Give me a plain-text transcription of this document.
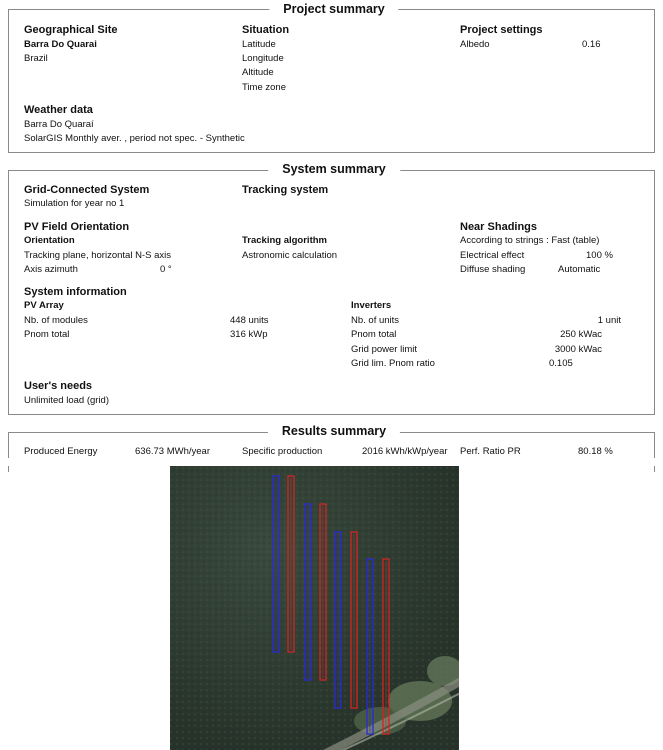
Project summary
Geographical Site
Barra Do Quarai
Brazil
Situation
Latitude
Longitude
Altitude
Time zone
Project settings
Albedo	0.16
Weather data
Barra Do Quaraí
SolarGIS Monthly aver. , period not spec. - Synthetic
System summary
Grid-Connected System
Simulation for year no 1
Tracking system
PV Field Orientation
Orientation
Tracking plane, horizontal N-S axis
Axis azimuth	0 °
Tracking algorithm
Astronomic calculation
Near Shadings
According to strings : Fast (table)
Electrical effect	100 %
Diffuse shading	Automatic
System information
PV Array
Nb. of modules	448 units
Pnom total	316 kWp
Inverters
Nb. of units	1 unit
Pnom total	250 kWac
Grid power limit	3000 kWac
Grid lim. Pnom ratio	0.105
User's needs
Unlimited load (grid)
Results summary
Produced Energy	636.73 MWh/year	Specific production	2016 kWh/kWp/year Perf. Ratio PR	80.18 %
